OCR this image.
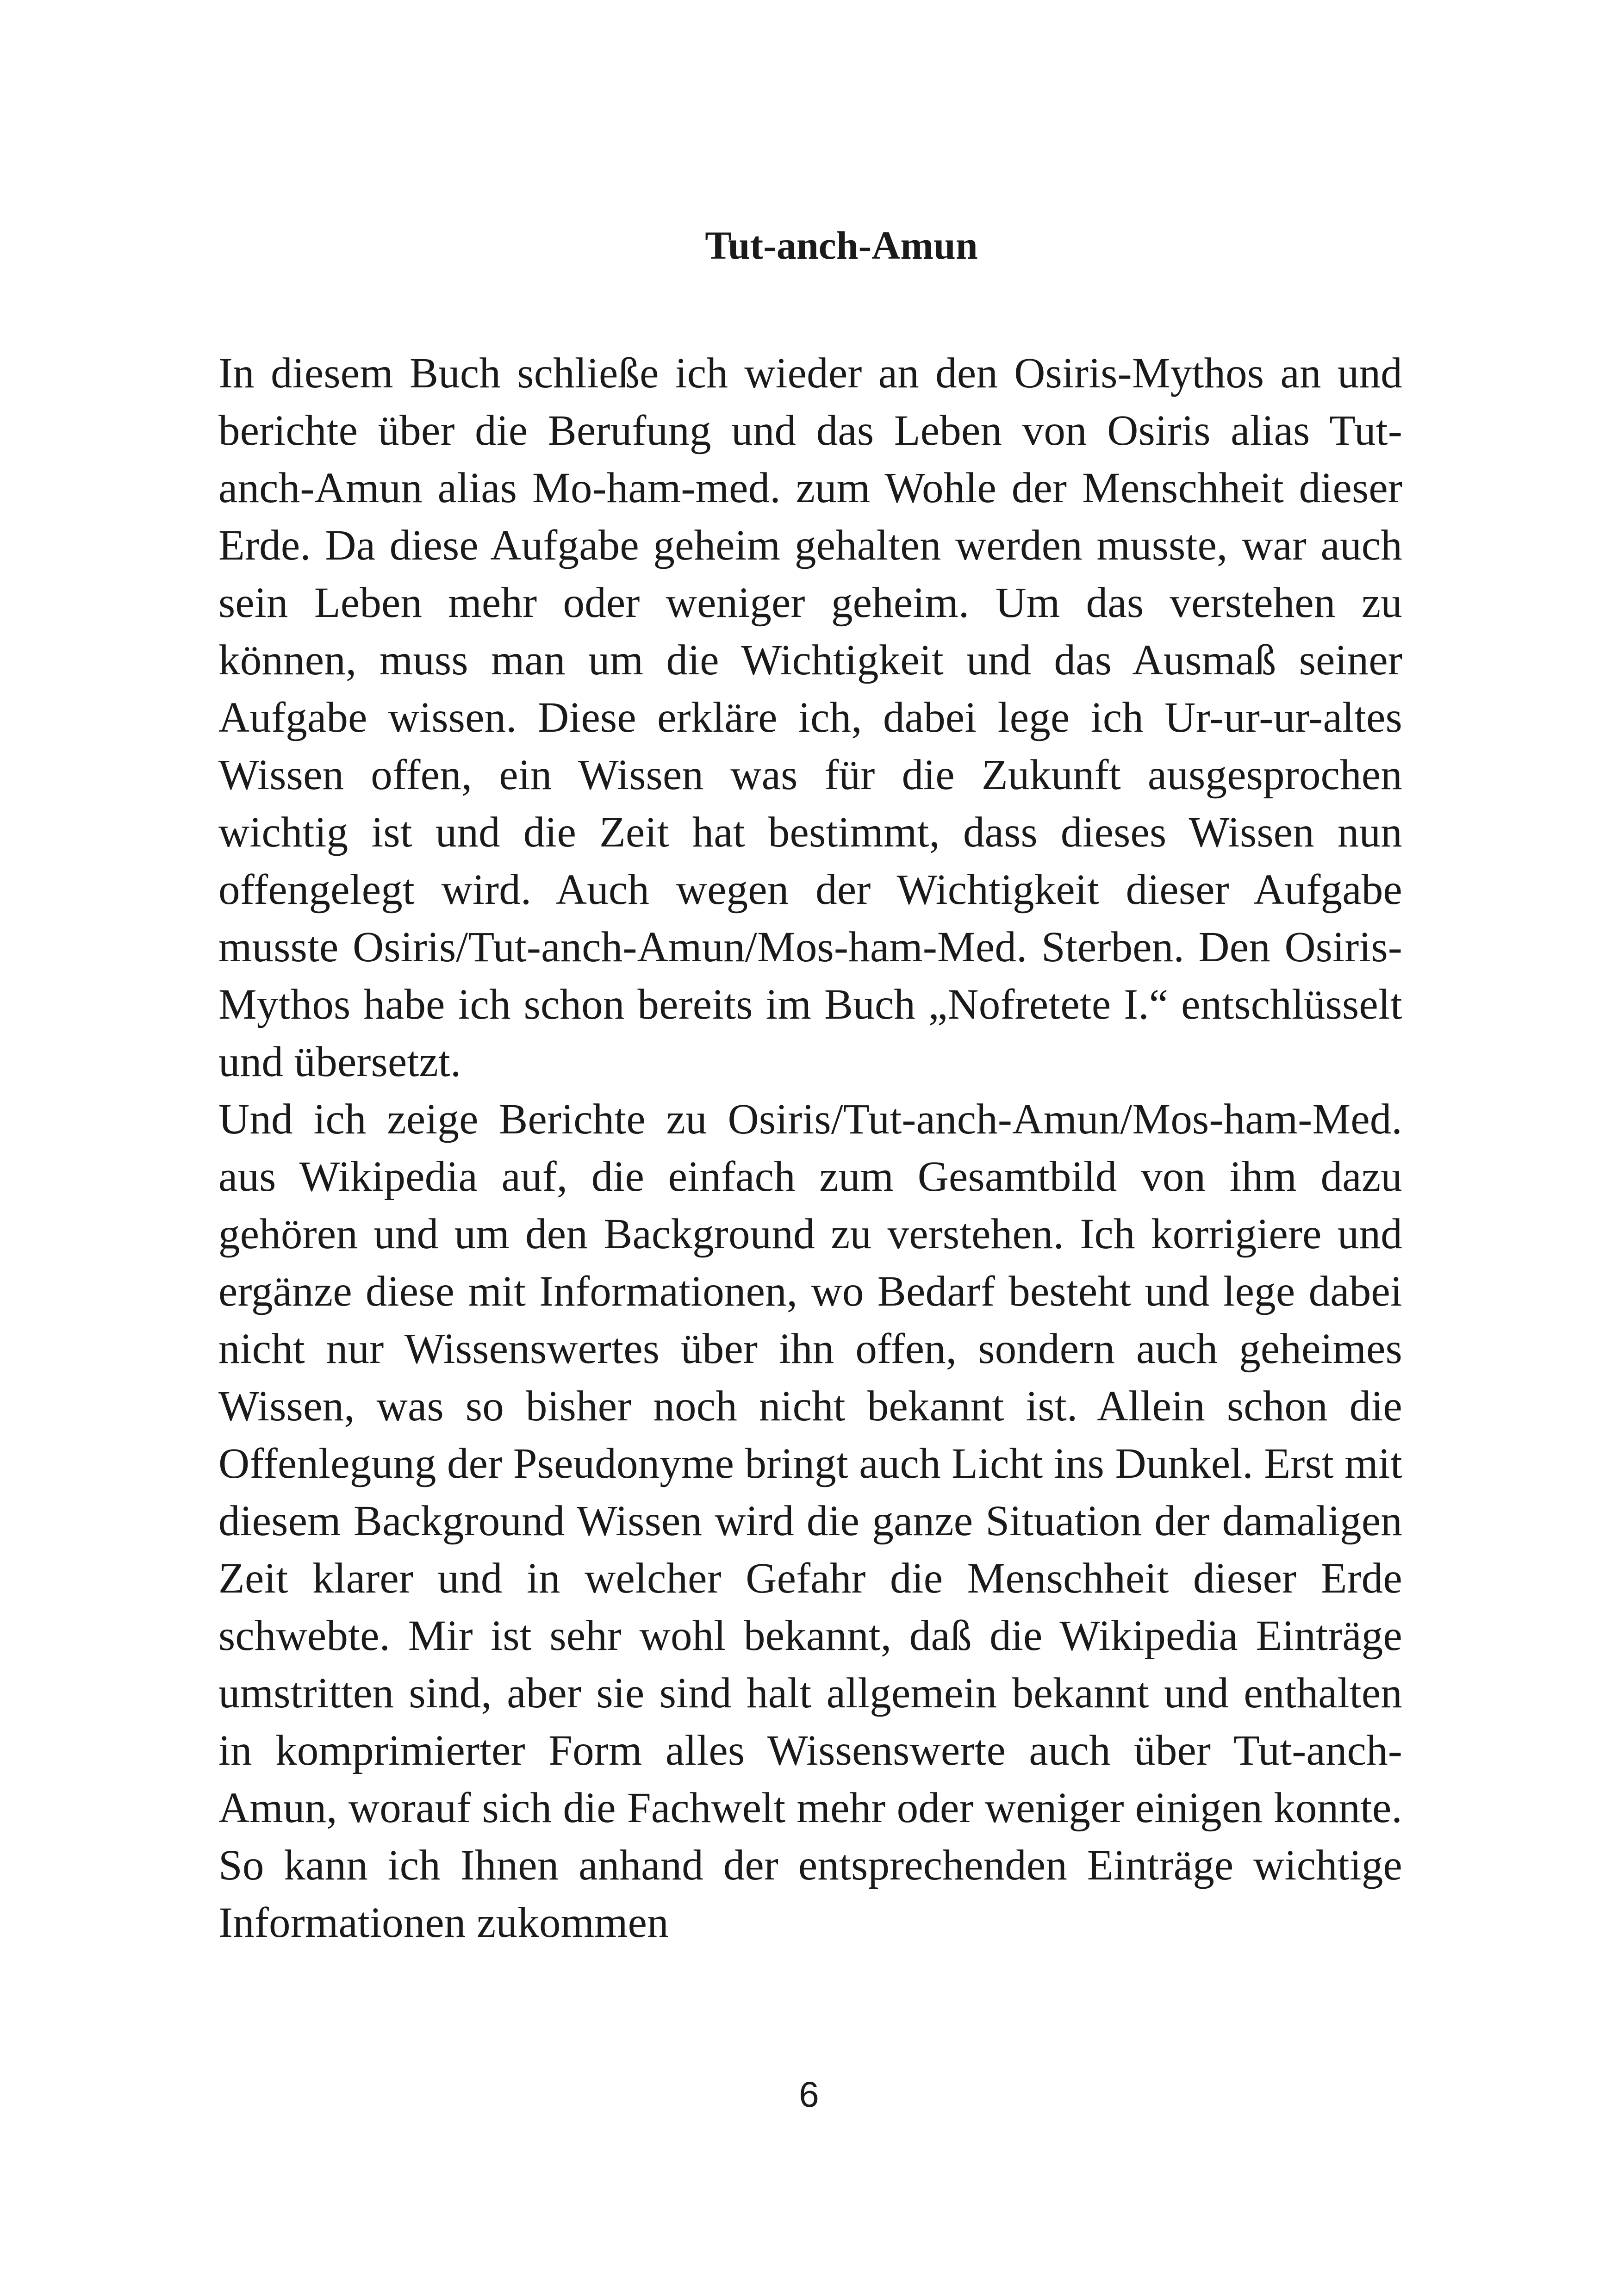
Tut-anch-Amun

In diesem Buch schließe ich wieder an den Osiris-Mythos an und berichte über die Berufung und das Leben von Osiris alias Tut-anch-Amun alias Mo-ham-med. zum Wohle der Menschheit dieser Erde. Da diese Aufgabe geheim gehalten werden musste, war auch sein Leben mehr oder weniger geheim. Um das verstehen zu können, muss man um die Wichtigkeit und das Ausmaß seiner Aufgabe wissen. Diese erkläre ich, dabei lege ich Ur-ur-ur-altes Wissen offen, ein Wissen was für die Zukunft ausgesprochen wichtig ist und die Zeit hat bestimmt, dass dieses Wissen nun offengelegt wird. Auch wegen der Wichtigkeit dieser Aufgabe musste Osiris/Tut-anch-Amun/Mos-ham-Med. Sterben. Den Osiris-Mythos habe ich schon bereits im Buch „Nofretete I.“ entschlüsselt und übersetzt.

Und ich zeige Berichte zu Osiris/Tut-anch-Amun/Mos-ham-Med. aus Wikipedia auf, die einfach zum Gesamtbild von ihm dazu gehören und um den Background zu verstehen. Ich korrigiere und ergänze diese mit Informationen, wo Bedarf besteht und lege dabei nicht nur Wissenswertes über ihn offen, sondern auch geheimes Wissen, was so bisher noch nicht bekannt ist. Allein schon die Offenlegung der Pseudonyme bringt auch Licht ins Dunkel. Erst mit diesem Background Wissen wird die ganze Situation der damaligen Zeit klarer und in welcher Gefahr die Menschheit dieser Erde schwebte. Mir ist sehr wohl bekannt, daß die Wikipedia Einträge umstritten sind, aber sie sind halt allgemein bekannt und enthalten in komprimierter Form alles Wissenswerte auch über Tut-anch-Amun, worauf sich die Fachwelt mehr oder weniger einigen konnte. So kann ich Ihnen anhand der entsprechenden Einträge wichtige Informationen zukommen

6
